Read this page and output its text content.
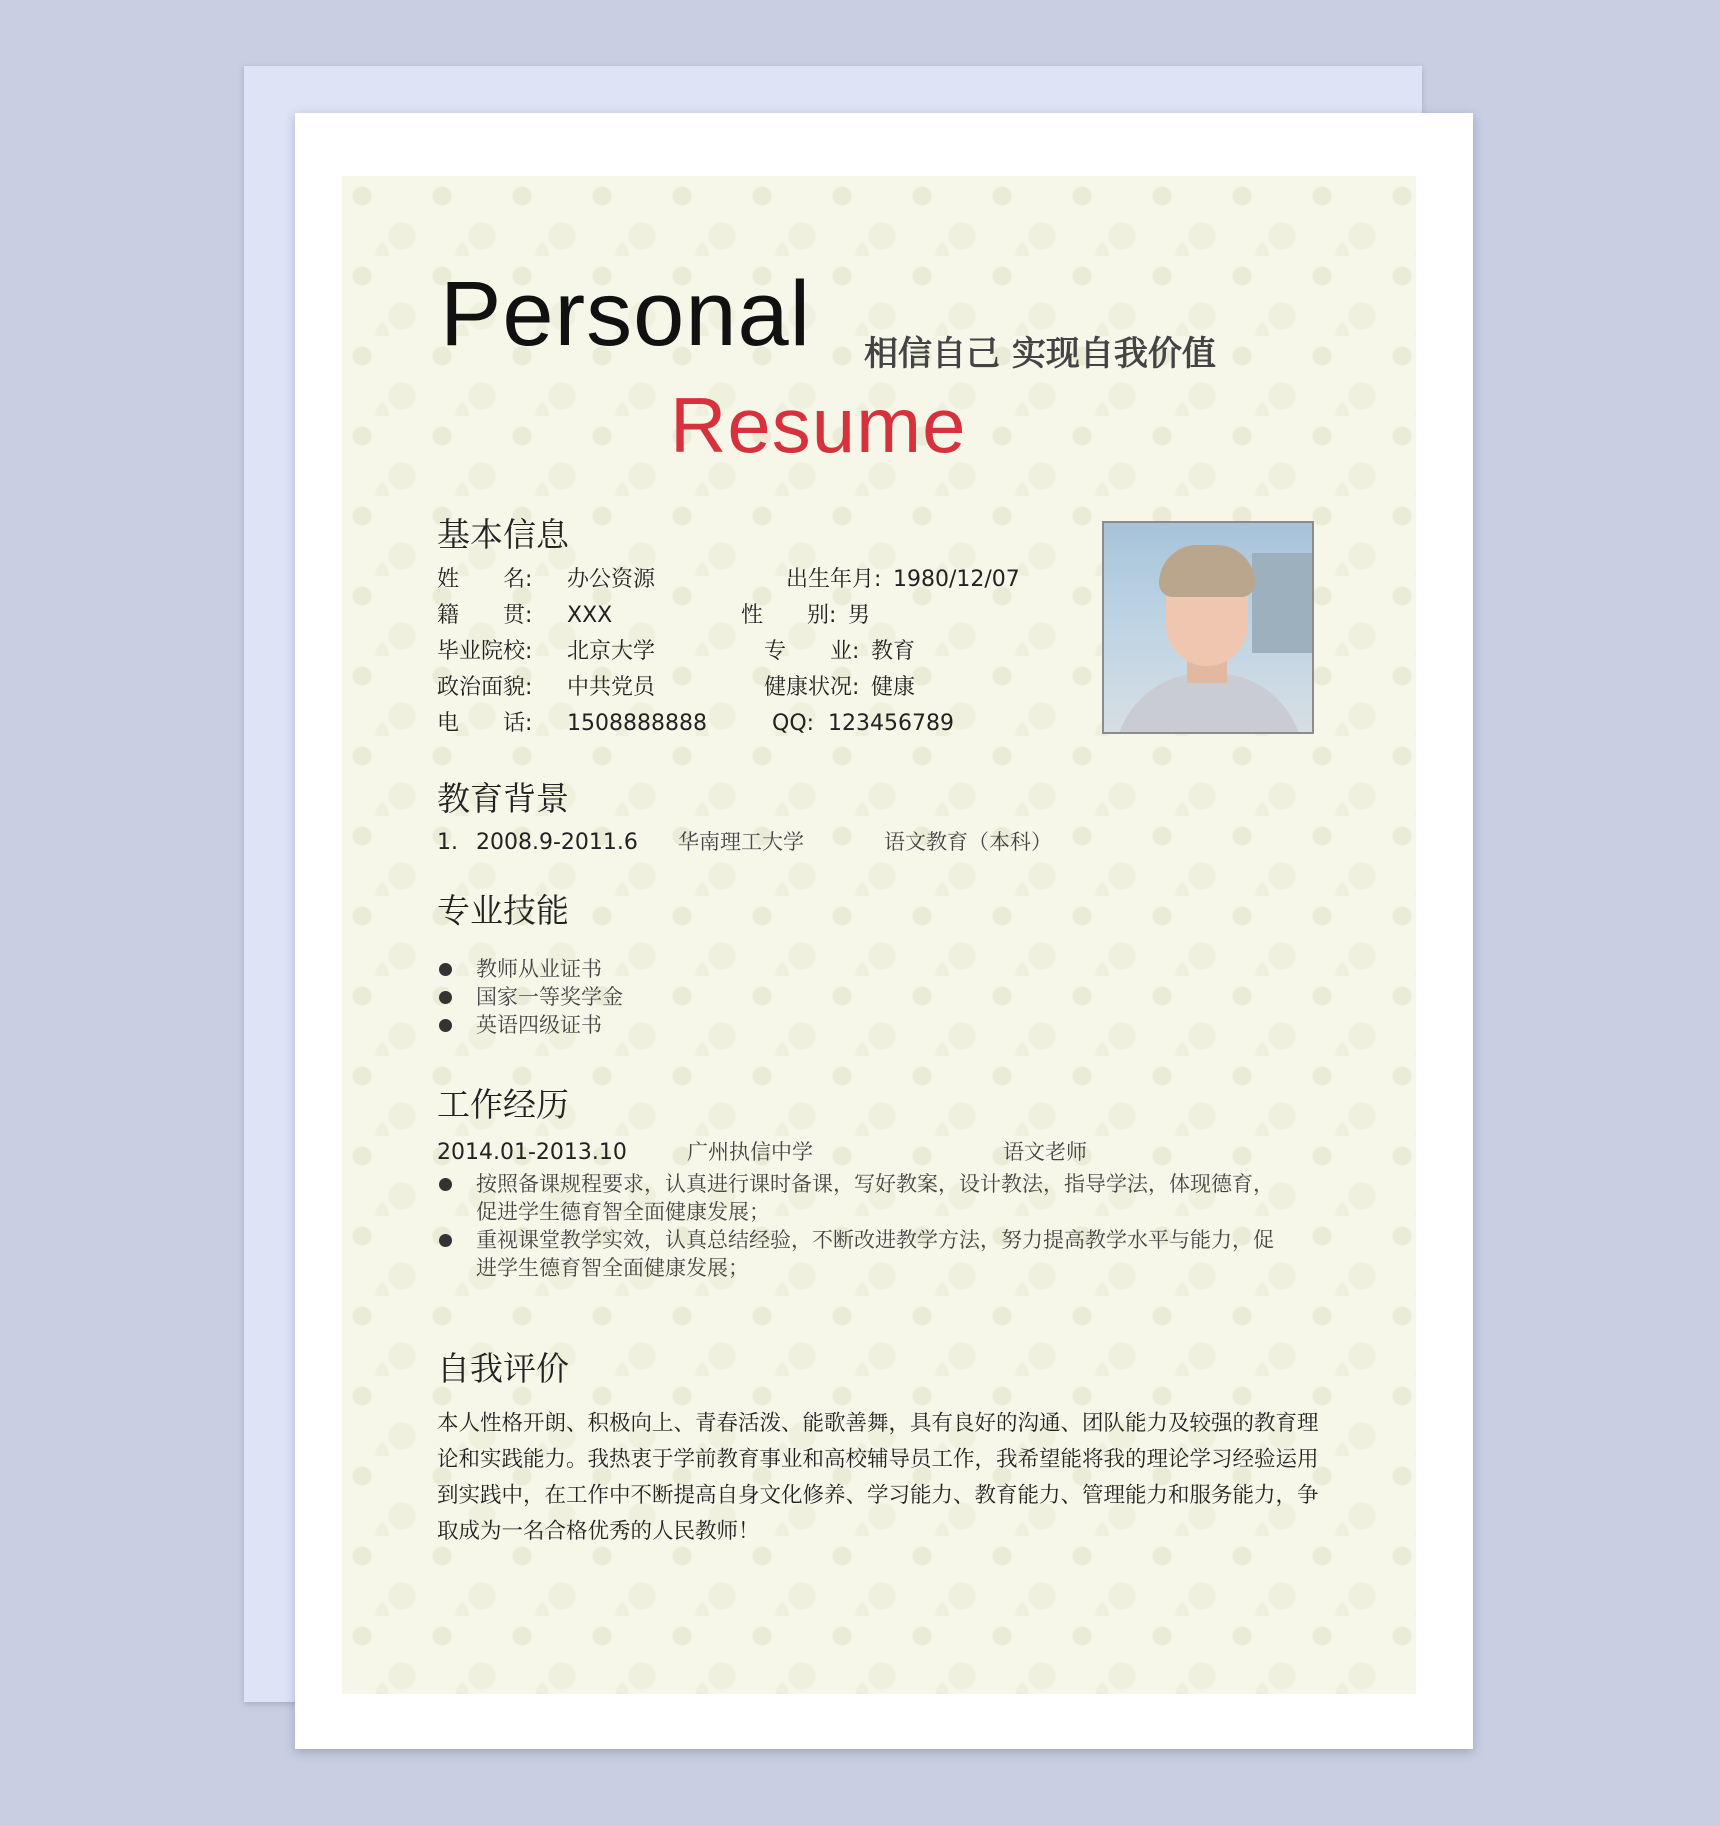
Personal 相信自己 实现自我价值
Resume
基本信息
姓　　名: 办公资源	出生年月: 1980/12/07
籍　　贯: XXX	性　　别: 男
毕业院校: 北京大学	专　　业: 教育
政治面貌: 中共党员	健康状况: 健康
电　　话: 1508888888	QQ: 123456789
教育背景
1. 2008.9-2011.6 华南理工大学	语文教育（本科）
专业技能
教师从业证书
国家一等奖学金
英语四级证书
工作经历
2014.01-2013.10	广州执信中学	语文老师
按照备课规程要求，认真进行课时备课，写好教案，设计教法，指导学法，体现德育，
促进学生德育智全面健康发展；
重视课堂教学实效，认真总结经验，不断改进教学方法，努力提高教学水平与能力，促
进学生德育智全面健康发展；
自我评价
本人性格开朗、积极向上、青春活泼、能歌善舞，具有良好的沟通、团队能力及较强的教育理
论和实践能力。我热衷于学前教育事业和高校辅导员工作，我希望能将我的理论学习经验运用
到实践中，在工作中不断提高自身文化修养、学习能力、教育能力、管理能力和服务能力，争
取成为一名合格优秀的人民教师！
